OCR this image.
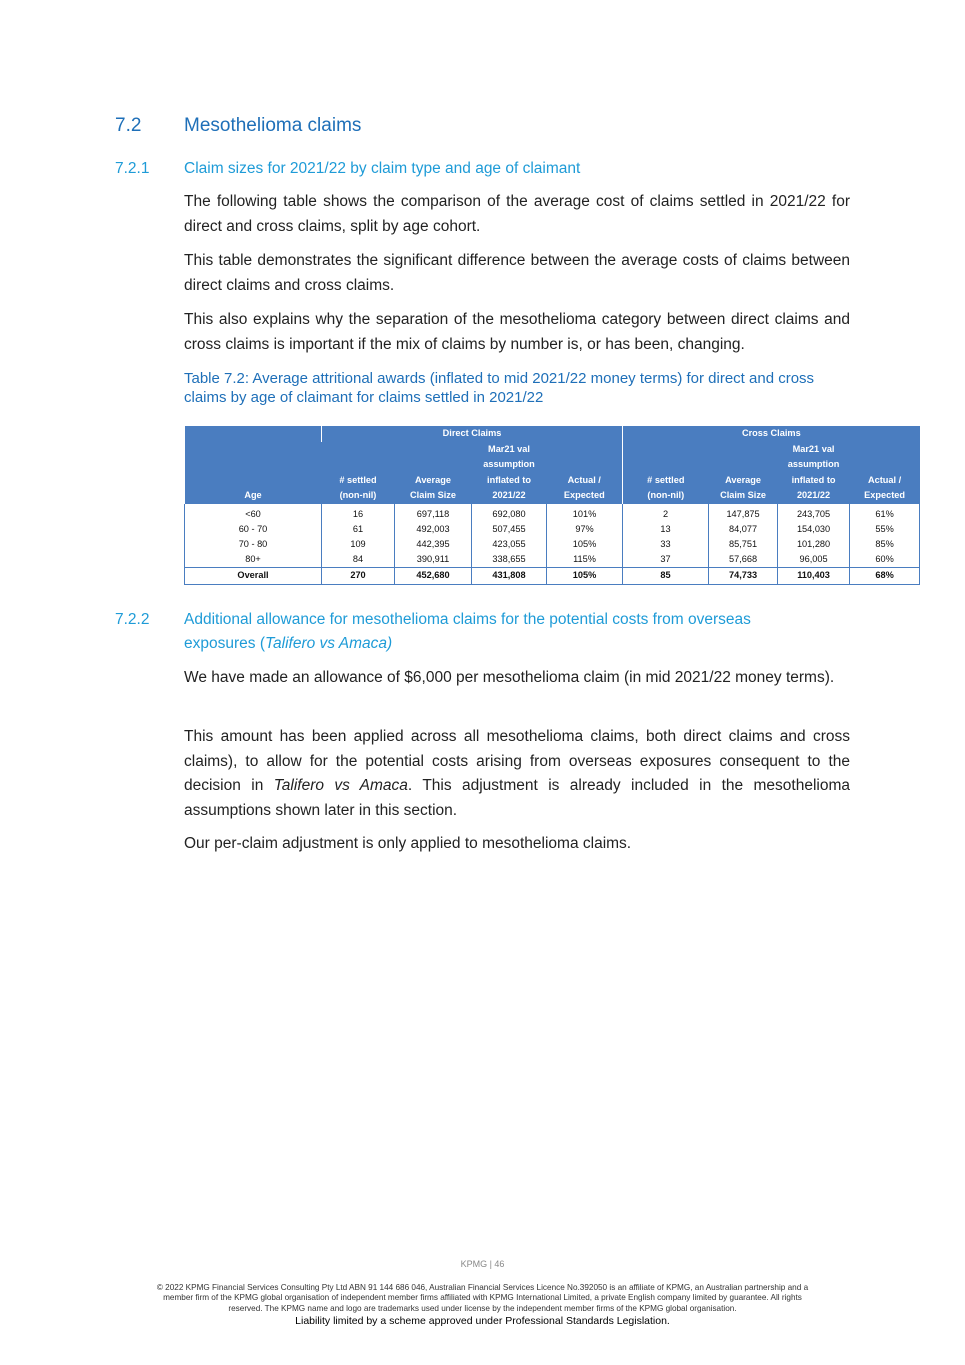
7.2 Mesothelioma claims
7.2.1 Claim sizes for 2021/22 by claim type and age of claimant
The following table shows the comparison of the average cost of claims settled in 2021/22 for direct and cross claims, split by age cohort.
This table demonstrates the significant difference between the average costs of claims between direct claims and cross claims.
This also explains why the separation of the mesothelioma category between direct claims and cross claims is important if the mix of claims by number is, or has been, changing.
Table 7.2: Average attritional awards (inflated to mid 2021/22 money terms) for direct and cross claims by age of claimant for claims settled in 2021/22
	Direct Claims				Cross Claims			
			Mar21 val				Mar21 val	
			assumption				assumption	
	# settled	Average	inflated to	Actual /	# settled	Average	inflated to	Actual /
Age	(non-nil)	Claim Size	2021/22	Expected	(non-nil)	Claim Size	2021/22	Expected
<60	16	697,118	692,080	101%	2	147,875	243,705	61%
60 - 70	61	492,003	507,455	97%	13	84,077	154,030	55%
70 - 80	109	442,395	423,055	105%	33	85,751	101,280	85%
80+	84	390,911	338,655	115%	37	57,668	96,005	60%
Overall	270	452,680	431,808	105%	85	74,733	110,403	68%
7.2.2 Additional allowance for mesothelioma claims for the potential costs from overseas
exposures (Talifero vs Amaca)
We have made an allowance of $6,000 per mesothelioma claim (in mid 2021/22 money terms).
This amount has been applied across all mesothelioma claims, both direct claims and cross claims), to allow for the potential costs arising from overseas exposures consequent to the decision in Talifero vs Amaca. This adjustment is already included in the mesothelioma assumptions shown later in this section.
Our per-claim adjustment is only applied to mesothelioma claims.
KPMG | 46
© 2022 KPMG Financial Services Consulting Pty Ltd ABN 91 144 686 046, Australian Financial Services Licence No.392050 is an affiliate of KPMG, an Australian partnership and a
member firm of the KPMG global organisation of independent member firms affiliated with KPMG International Limited, a private English company limited by guarantee. All rights
reserved. The KPMG name and logo are trademarks used under license by the independent member firms of the KPMG global organisation.
Liability limited by a scheme approved under Professional Standards Legislation.
